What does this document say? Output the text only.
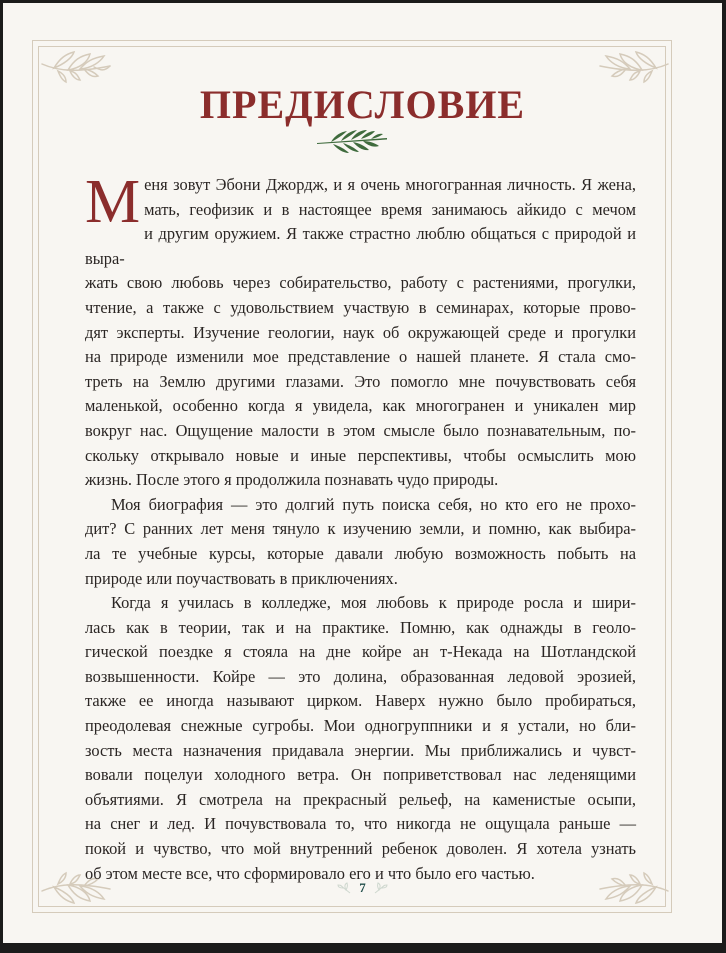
ПРЕДИСЛОВИЕ

М еня зовут Эбони Джордж, и я очень многогранная личность. Я жена,
мать, геофизик и в настоящее время занимаюсь айкидо с мечом
и другим оружием. Я также страстно люблю общаться с природой и выра-
жать свою любовь через собирательство, работу с растениями, прогулки,
чтение, а также с удовольствием участвую в семинарах, которые прово-
дят эксперты. Изучение геологии, наук об окружающей среде и прогулки
на природе изменили мое представление о нашей планете. Я стала смо-
треть на Землю другими глазами. Это помогло мне почувствовать себя
маленькой, особенно когда я увидела, как многогранен и уникален мир
вокруг нас. Ощущение малости в этом смысле было познавательным, по-
скольку открывало новые и иные перспективы, чтобы осмыслить мою
жизнь. После этого я продолжила познавать чудо природы.

Моя биография — это долгий путь поиска себя, но кто его не прохо-
дит? С ранних лет меня тянуло к изучению земли, и помню, как выбира-
ла те учебные курсы, которые давали любую возможность побыть на
природе или поучаствовать в приключениях.

Когда я училась в колледже, моя любовь к природе росла и шири-
лась как в теории, так и на практике. Помню, как однажды в геоло-
гической поездке я стояла на дне койре ан т-Некада на Шотландской
возвышенности. Койре — это долина, образованная ледовой эрозией,
также ее иногда называют цирком. Наверх нужно было пробираться,
преодолевая снежные сугробы. Мои одногруппники и я устали, но бли-
зость места назначения придавала энергии. Мы приближались и чувст-
вовали поцелуи холодного ветра. Он поприветствовал нас леденящими
объятиями. Я смотрела на прекрасный рельеф, на каменистые осыпи,
на снег и лед. И почувствовала то, что никогда не ощущала раньше —
покой и чувство, что мой внутренний ребенок доволен. Я хотела узнать
об этом месте все, что сформировало его и что было его частью.

7
